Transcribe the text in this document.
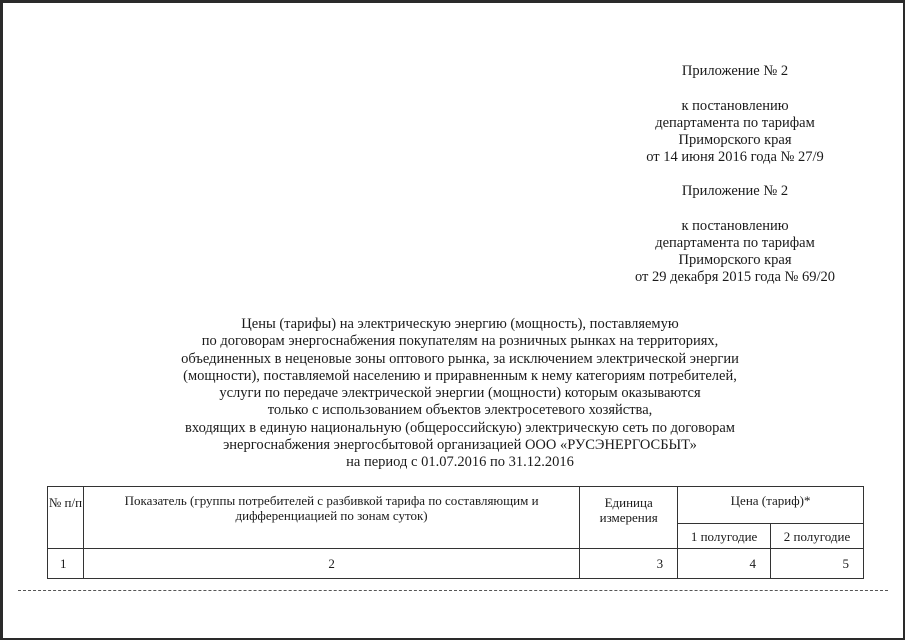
Приложение № 2
к постановлению
департамента по тарифам
Приморского края
от 14 июня 2016 года № 27/9
Приложение № 2
к постановлению
департамента по тарифам
Приморского края
от 29 декабря 2015 года № 69/20
Цены (тарифы) на электрическую энергию (мощность), поставляемую
по договорам энергоснабжения покупателям на розничных рынках на территориях,
объединенных в неценовые зоны оптового рынка, за исключением электрической энергии
(мощности), поставляемой населению и приравненным к нему категориям потребителей,
услуги по передаче электрической энергии (мощности) которым оказываются
только с использованием объектов электросетевого хозяйства,
входящих в единую национальную (общероссийскую) электрическую сеть по договорам
энергоснабжения энергосбытовой организацией ООО «РУСЭНЕРГОСБЫТ»
на период с 01.07.2016 по 31.12.2016
№ п/п	Показатель (группы потребителей с разбивкой тарифа по составляющим и дифференциацией по зонам суток)	Единица измерения	Цена (тариф)*	
			1 полугодие	2 полугодие
1	2	3	4	5
